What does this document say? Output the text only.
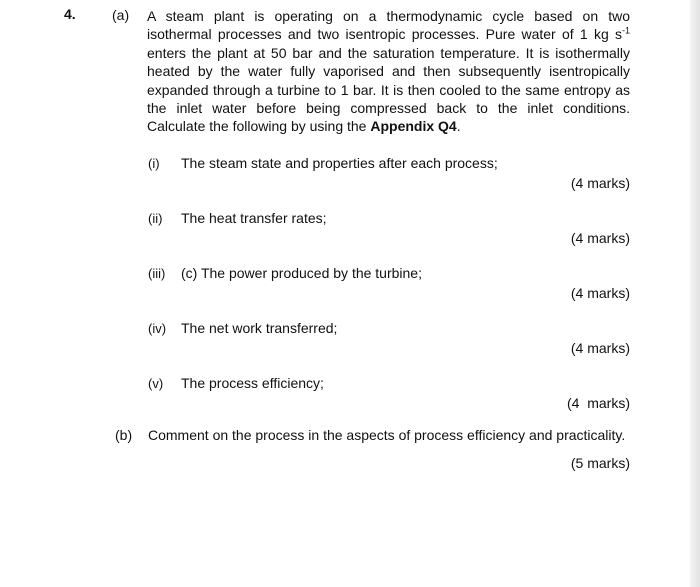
4.	(a) A steam plant is operating on a thermodynamic cycle based on two isothermal processes and two isentropic processes. Pure water of 1 kg $s^{-1}$ enters the plant at 50 bar and the saturation temperature. It is isothermally heated by the water fully vaporised and then subsequently isentropically expanded through a turbine to 1 bar. It is then cooled to the same entropy as the inlet water before being compressed back to the inlet conditions. Calculate the following by using the Appendix Q4.
(i) The steam state and properties after each process;
(4 marks)
(ii) The heat transfer rates;
(4 marks)
(iii) (c) The power produced by the turbine;
(4 marks)
(iv) The net work transferred;
(4 marks)
(v) The process efficiency;
(4  marks)
(b) Comment on the process in the aspects of process efficiency and practicality.
(5 marks)
